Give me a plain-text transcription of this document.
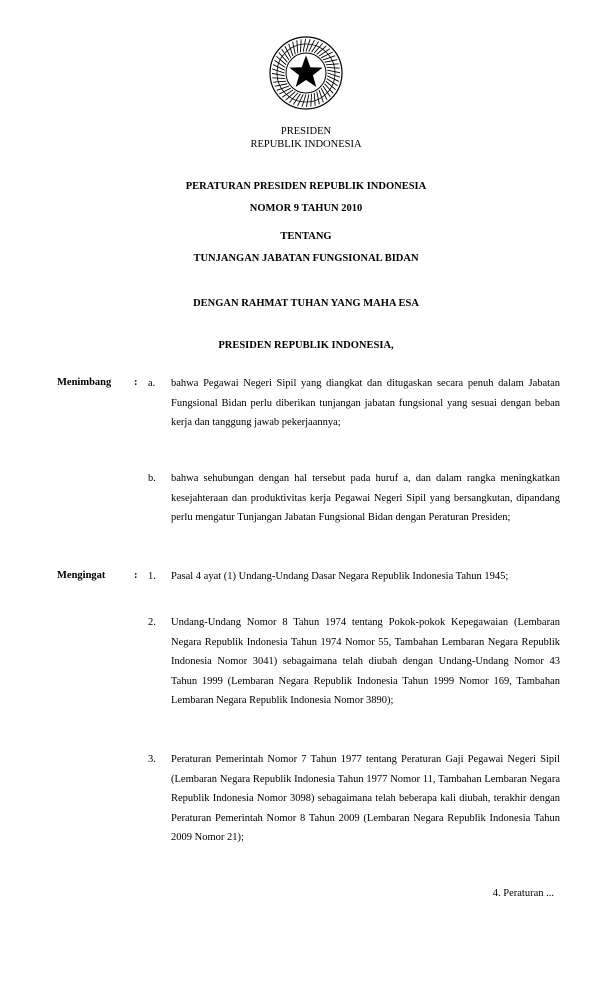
PRESIDEN
REPUBLIK INDONESIA
PERATURAN PRESIDEN REPUBLIK INDONESIA
NOMOR 9 TAHUN 2010
TENTANG
TUNJANGAN JABATAN FUNGSIONAL BIDAN
DENGAN RAHMAT TUHAN YANG MAHA ESA
PRESIDEN REPUBLIK INDONESIA,
Menimbang : a. bahwa Pegawai Negeri Sipil yang diangkat dan ditugaskan secara penuh dalam Jabatan Fungsional Bidan perlu diberikan tunjangan jabatan fungsional yang sesuai dengan beban kerja dan tanggung jawab pekerjaannya;
b. bahwa sehubungan dengan hal tersebut pada huruf a, dan dalam rangka meningkatkan kesejahteraan dan produktivitas kerja Pegawai Negeri Sipil yang bersangkutan, dipandang perlu mengatur Tunjangan Jabatan Fungsional Bidan dengan Peraturan Presiden;
Mengingat	: 1. Pasal 4 ayat (1) Undang-Undang Dasar Negara Republik Indonesia Tahun 1945;
2. Undang-Undang Nomor 8 Tahun 1974 tentang Pokok-pokok Kepegawaian (Lembaran Negara Republik Indonesia Tahun 1974 Nomor 55, Tambahan Lembaran Negara Republik Indonesia Nomor 3041) sebagaimana telah diubah dengan Undang-Undang Nomor 43 Tahun 1999 (Lembaran Negara Republik Indonesia Tahun 1999 Nomor 169, Tambahan Lembaran Negara Republik Indonesia Nomor 3890);
3. Peraturan Pemerintah Nomor 7 Tahun 1977 tentang Peraturan Gaji Pegawai Negeri Sipil (Lembaran Negara Republik Indonesia Tahun 1977 Nomor 11, Tambahan Lembaran Negara Republik Indonesia Nomor 3098) sebagaimana telah beberapa kali diubah, terakhir dengan Peraturan Pemerintah Nomor 8 Tahun 2009 (Lembaran Negara Republik Indonesia Tahun 2009 Nomor 21);
4. Peraturan ...
